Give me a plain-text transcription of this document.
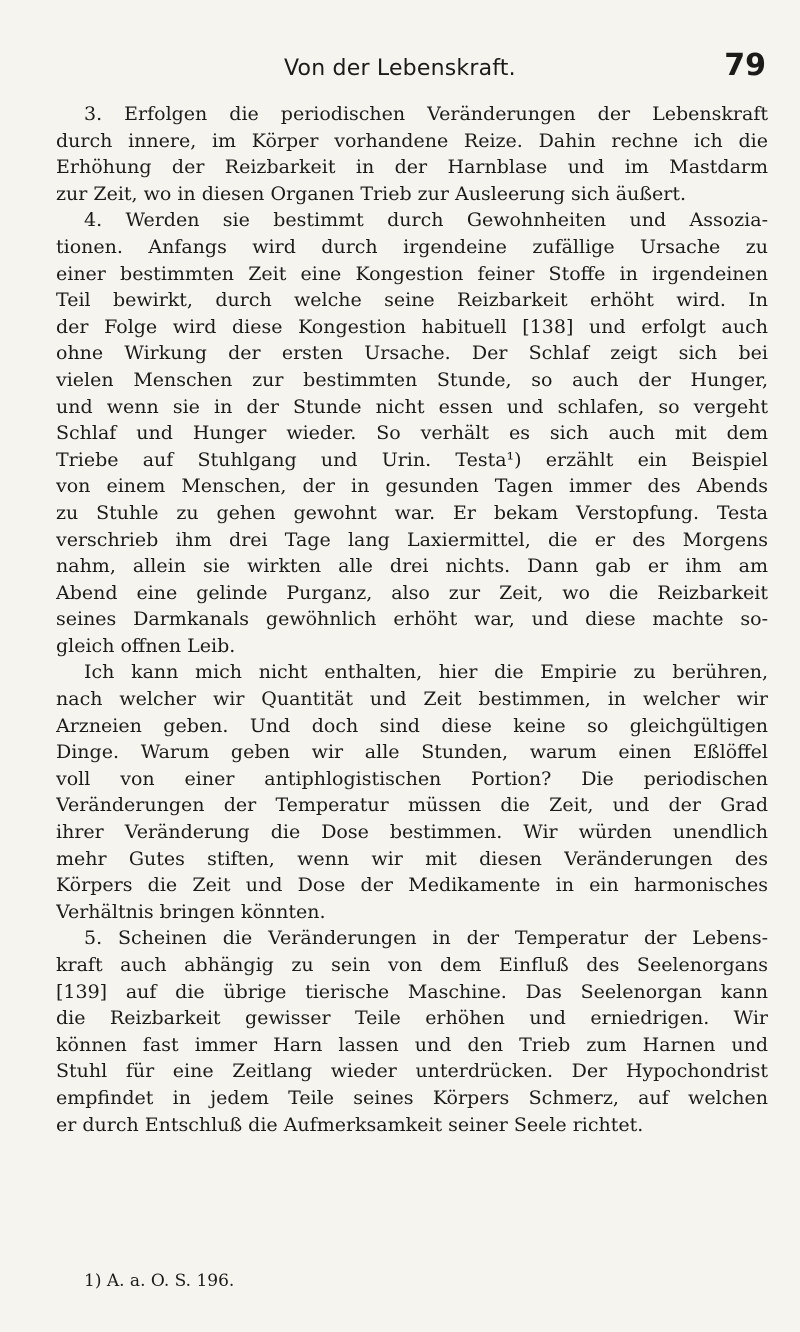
Von der Lebenskraft.	79
3. Erfolgen die periodischen Veränderungen der Lebenskraft
durch innere, im Körper vorhandene Reize. Dahin rechne ich die
Erhöhung der Reizbarkeit in der Harnblase und im Mastdarm
zur Zeit, wo in diesen Organen Trieb zur Ausleerung sich äußert.
4. Werden sie bestimmt durch Gewohnheiten und Assozia-
tionen. Anfangs wird durch irgendeine zufällige Ursache zu
einer bestimmten Zeit eine Kongestion feiner Stoffe in irgendeinen
Teil bewirkt, durch welche seine Reizbarkeit erhöht wird. In
der Folge wird diese Kongestion habituell [138] und erfolgt auch
ohne Wirkung der ersten Ursache. Der Schlaf zeigt sich bei
vielen Menschen zur bestimmten Stunde, so auch der Hunger,
und wenn sie in der Stunde nicht essen und schlafen, so vergeht
Schlaf und Hunger wieder. So verhält es sich auch mit dem
Triebe auf Stuhlgang und Urin. Testa¹) erzählt ein Beispiel
von einem Menschen, der in gesunden Tagen immer des Abends
zu Stuhle zu gehen gewohnt war. Er bekam Verstopfung. Testa
verschrieb ihm drei Tage lang Laxiermittel, die er des Morgens
nahm, allein sie wirkten alle drei nichts. Dann gab er ihm am
Abend eine gelinde Purganz, also zur Zeit, wo die Reizbarkeit
seines Darmkanals gewöhnlich erhöht war, und diese machte so-
gleich offnen Leib.
Ich kann mich nicht enthalten, hier die Empirie zu berühren,
nach welcher wir Quantität und Zeit bestimmen, in welcher wir
Arzneien geben. Und doch sind diese keine so gleichgültigen
Dinge. Warum geben wir alle Stunden, warum einen Eßlöffel
voll von einer antiphlogistischen Portion? Die periodischen
Veränderungen der Temperatur müssen die Zeit, und der Grad
ihrer Veränderung die Dose bestimmen. Wir würden unendlich
mehr Gutes stiften, wenn wir mit diesen Veränderungen des
Körpers die Zeit und Dose der Medikamente in ein harmonisches
Verhältnis bringen könnten.
5. Scheinen die Veränderungen in der Temperatur der Lebens-
kraft auch abhängig zu sein von dem Einfluß des Seelenorgans
[139] auf die übrige tierische Maschine. Das Seelenorgan kann
die Reizbarkeit gewisser Teile erhöhen und erniedrigen. Wir
können fast immer Harn lassen und den Trieb zum Harnen und
Stuhl für eine Zeitlang wieder unterdrücken. Der Hypochondrist
empfindet in jedem Teile seines Körpers Schmerz, auf welchen
er durch Entschluß die Aufmerksamkeit seiner Seele richtet.
1) A. a. O. S. 196.
